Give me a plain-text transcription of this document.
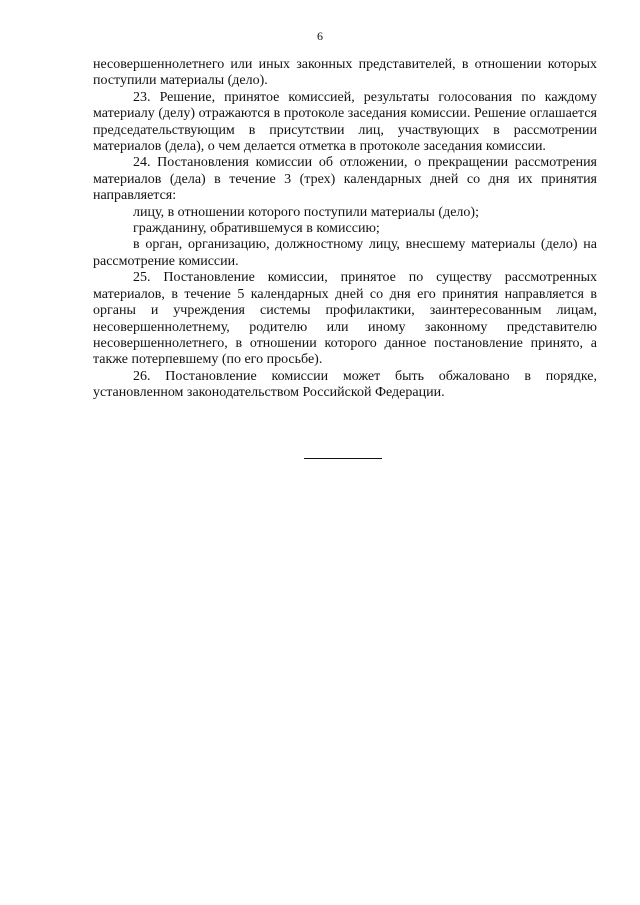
6

несовершеннолетнего или иных законных представителей, в отношении которых поступили материалы (дело).

23. Решение, принятое комиссией, результаты голосования по каждому материалу (делу) отражаются в протоколе заседания комиссии. Решение оглашается председательствующим в присутствии лиц, участвующих в рассмотрении материалов (дела), о чем делается отметка в протоколе заседания комиссии.

24. Постановления комиссии об отложении, о прекращении рассмотрения материалов (дела) в течение 3 (трех) календарных дней со дня их принятия направляется:

лицу, в отношении которого поступили материалы (дело);

гражданину, обратившемуся в комиссию;

в орган, организацию, должностному лицу, внесшему материалы (дело) на рассмотрение комиссии.

25. Постановление комиссии, принятое по существу рассмотренных материалов, в течение 5 календарных дней со дня его принятия направляется в органы и учреждения системы профилактики, заинтересованным лицам, несовершеннолетнему, родителю или иному законному представителю несовершеннолетнего, в отношении которого данное постановление принято, а также потерпевшему (по его просьбе).

26. Постановление комиссии может быть обжаловано в порядке, установленном законодательством Российской Федерации.
